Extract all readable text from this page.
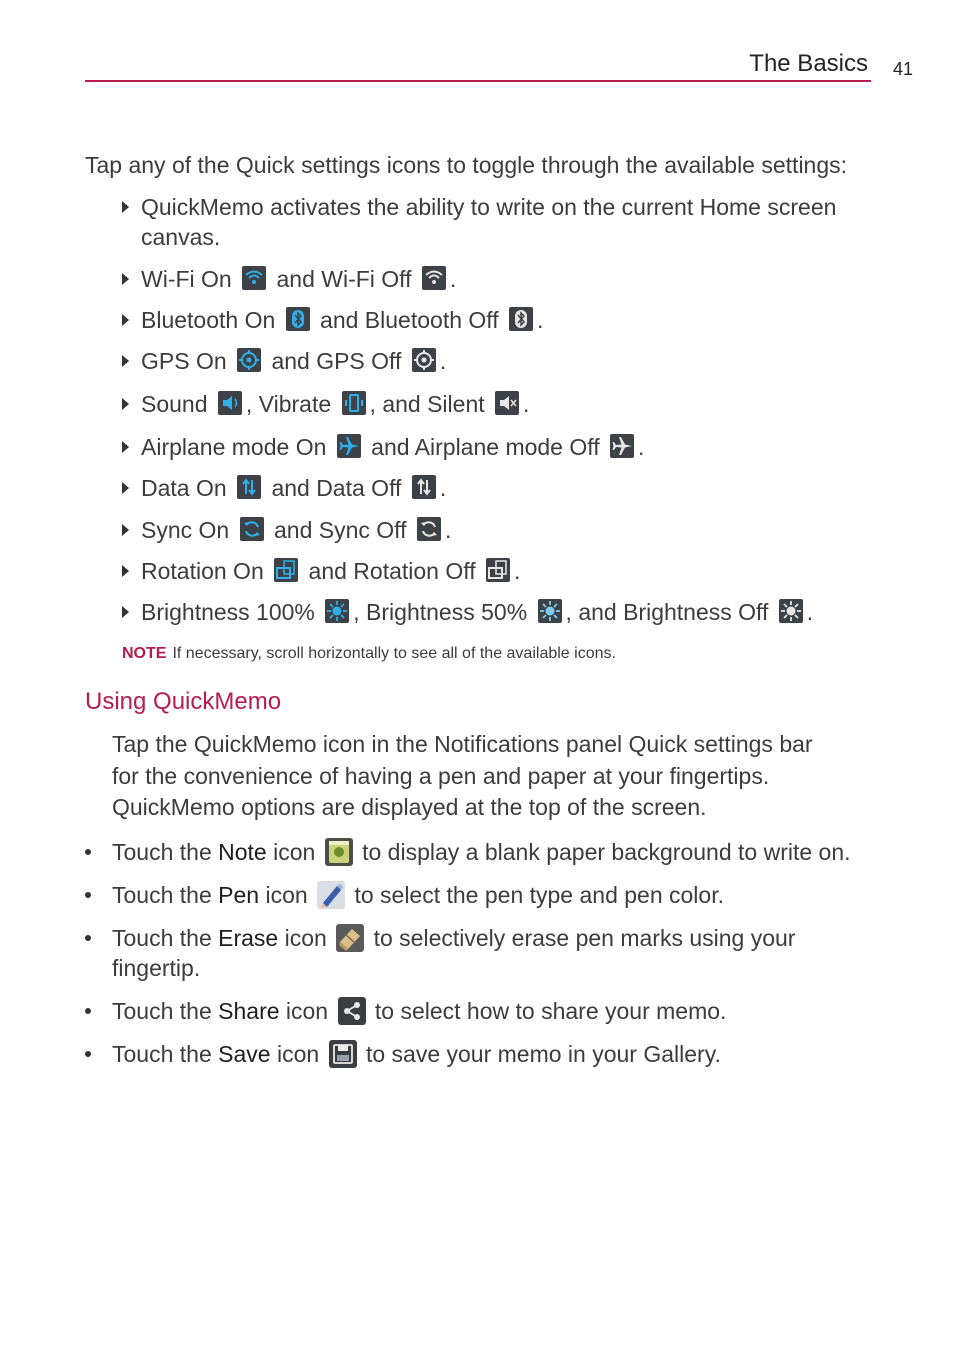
The Basics 41
Tap any of the Quick settings icons to toggle through the available settings:
QuickMemo activates the ability to write on the current Home screen canvas.
Wi-Fi On and Wi-Fi Off .
Bluetooth On and Bluetooth Off .
GPS On and GPS Off .
Sound , Vibrate , and Silent .
Airplane mode On and Airplane mode Off .
Data On and Data Off .
Sync On and Sync Off .
Rotation On and Rotation Off .
Brightness 100% , Brightness 50% , and Brightness Off .
NOTE If necessary, scroll horizontally to see all of the available icons.
Using QuickMemo
Tap the QuickMemo icon in the Notifications panel Quick settings bar for the convenience of having a pen and paper at your fingertips. QuickMemo options are displayed at the top of the screen.
Touch the Note icon to display a blank paper background to write on.
Touch the Pen icon to select the pen type and pen color.
Touch the Erase icon to selectively erase pen marks using your fingertip.
Touch the Share icon to select how to share your memo.
Touch the Save icon to save your memo in your Gallery.
